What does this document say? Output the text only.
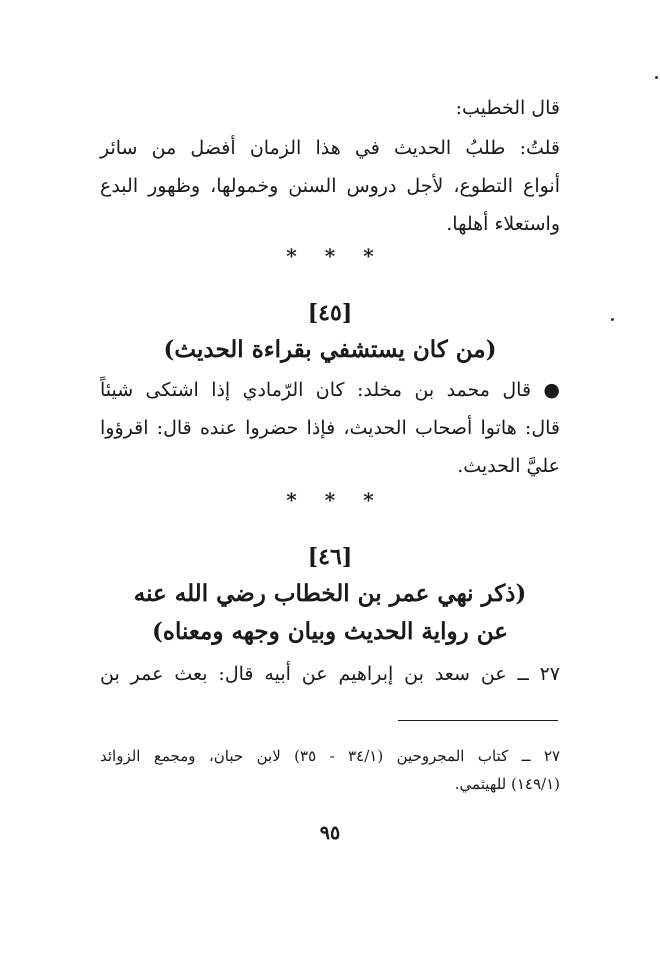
قال الخطيب:
قلتُ: طلبُ الحديث في هذا الزمان أفضل من سائر
أنواع التطوع، لأجل دروس السنن وخمولها، وظهور البدع
واستعلاء أهلها.
* * *
[٤٥]
(من كان يستشفي بقراءة الحديث)
● قال محمد بن مخلد: كان الرّمادي إذا اشتكى شيئاً
قال: هاتوا أصحاب الحديث، فإذا حضروا عنده قال: اقرؤوا
عليَّ الحديث.
* * *
[٤٦]
(ذكر نهي عمر بن الخطاب رضي الله عنه
عن رواية الحديث وبيان وجهه ومعناه)
٢٧ ــ عن سعد بن إبراهيم عن أبيه قال: بعث عمر بن
٢٧ ــ كتاب المجروحين (٣٤/١ - ٣٥) لابن حبان، ومجمع الزوائد
(١٤٩/١) للهيثمي.
٩٥
